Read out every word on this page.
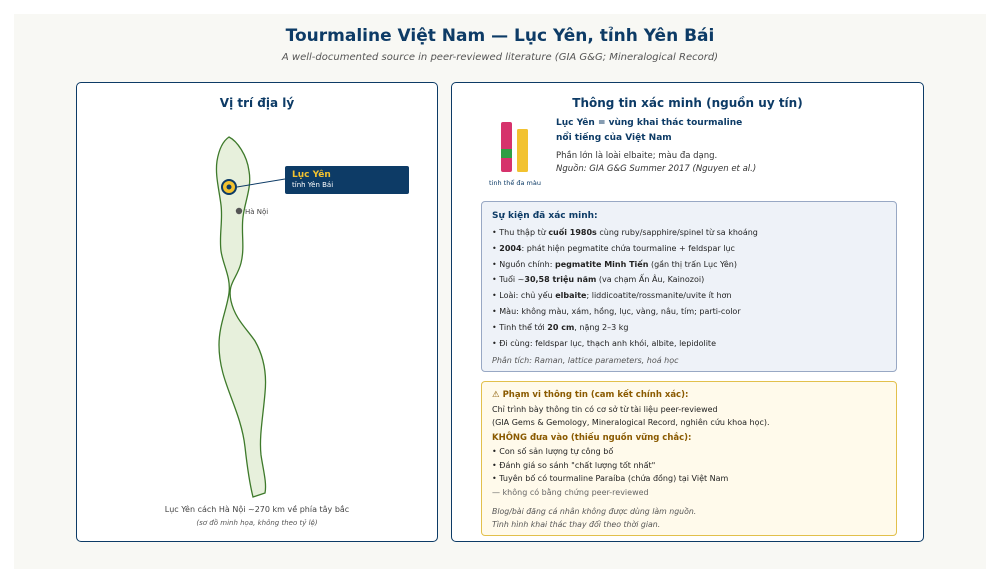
Tourmaline Việt Nam — Lục Yên, tỉnh Yên Bái
A well-documented source in peer-reviewed literature (GIA G&G; Mineralogical Record)
Vị trí địa lý
Lục Yên
tỉnh Yên Bái
Hà Nội
Lục Yên cách Hà Nội ~270 km về phía tây bắc
(sơ đồ minh họa, không theo tỷ lệ)
Thông tin xác minh (nguồn uy tín)
tinh thể đa màu
Lục Yên = vùng khai thác tourmaline
nổi tiếng của Việt Nam
Phần lớn là loài elbaite; màu đa dạng.
Nguồn: GIA G&G Summer 2017 (Nguyen et al.)
Sự kiện đã xác minh:
• Thu thập từ cuối 1980s cùng ruby/sapphire/spinel từ sa khoáng
• 2004: phát hiện pegmatite chứa tourmaline + feldspar lục
• Nguồn chính: pegmatite Minh Tiến (gần thị trấn Lục Yên)
• Tuổi ~30,58 triệu năm (va chạm Ấn Âu, Kainozoi)
• Loài: chủ yếu elbaite; liddicoatite/rossmanite/uvite ít hơn
• Màu: không màu, xám, hồng, lục, vàng, nâu, tím; parti-color
• Tinh thể tới 20 cm, nặng 2–3 kg
• Đi cùng: feldspar lục, thạch anh khói, albite, lepidolite
Phân tích: Raman, lattice parameters, hoá học
⚠ Phạm vi thông tin (cam kết chính xác):
Chỉ trình bày thông tin có cơ sở từ tài liệu peer-reviewed
(GIA Gems & Gemology, Mineralogical Record, nghiên cứu khoa học).
KHÔNG đưa vào (thiếu nguồn vững chắc):
• Con số sản lượng tự công bố
• Đánh giá so sánh "chất lượng tốt nhất"
• Tuyên bố có tourmaline Paraíba (chứa đồng) tại Việt Nam
— không có bằng chứng peer-reviewed
Blog/bài đăng cá nhân không được dùng làm nguồn.
Tình hình khai thác thay đổi theo thời gian.
